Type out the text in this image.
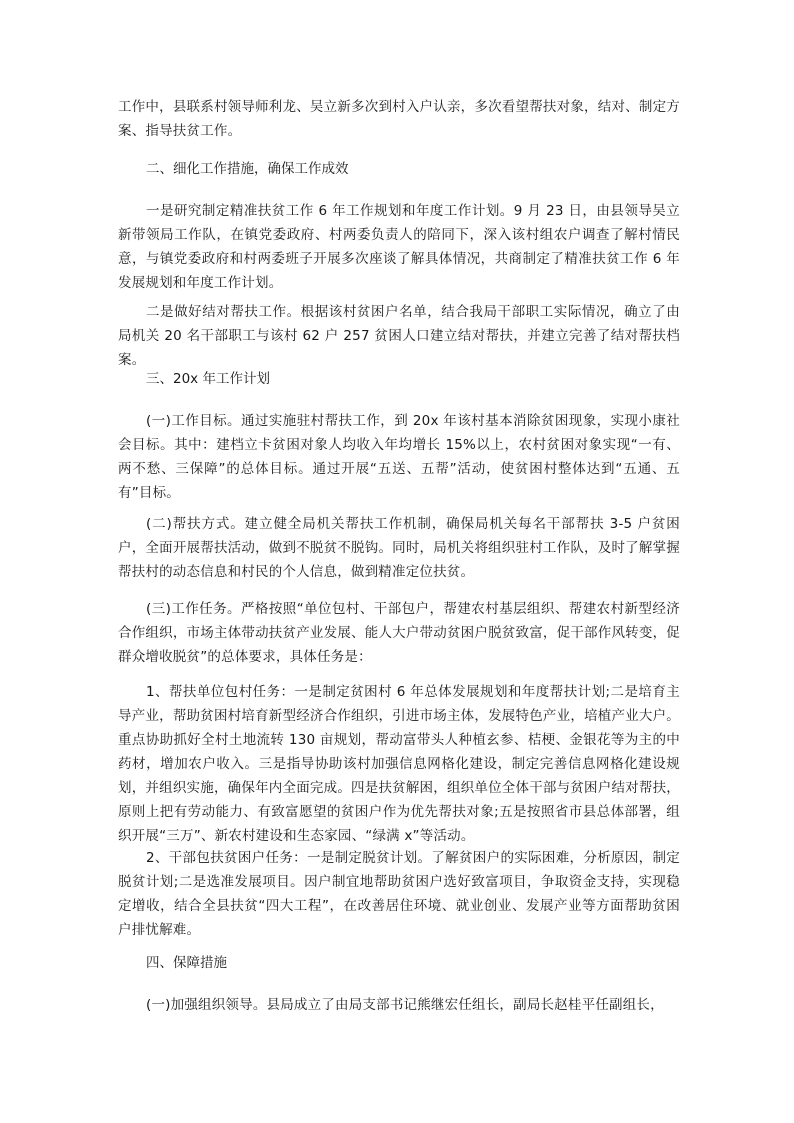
工作中，县联系村领导师利龙、吴立新多次到村入户认亲，多次看望帮扶对象，结对、制定方案、指导扶贫工作。

二、细化工作措施，确保工作成效

一是研究制定精准扶贫工作 6 年工作规划和年度工作计划。9 月 23 日，由县领导吴立新带领局工作队，在镇党委政府、村两委负责人的陪同下，深入该村组农户调查了解村情民意，与镇党委政府和村两委班子开展多次座谈了解具体情况，共商制定了精准扶贫工作 6 年发展规划和年度工作计划。

二是做好结对帮扶工作。根据该村贫困户名单，结合我局干部职工实际情况，确立了由局机关 20 名干部职工与该村 62 户 257 贫困人口建立结对帮扶，并建立完善了结对帮扶档案。

三、20x 年工作计划

(一)工作目标。通过实施驻村帮扶工作，到 20x 年该村基本消除贫困现象，实现小康社会目标。其中：建档立卡贫困对象人均收入年均增长 15%以上，农村贫困对象实现“一有、两不愁、三保障”的总体目标。通过开展“五送、五帮”活动，使贫困村整体达到“五通、五有”目标。

(二)帮扶方式。建立健全局机关帮扶工作机制，确保局机关每名干部帮扶 3-5 户贫困户，全面开展帮扶活动，做到不脱贫不脱钩。同时，局机关将组织驻村工作队，及时了解掌握帮扶村的动态信息和村民的个人信息，做到精准定位扶贫。

(三)工作任务。严格按照“单位包村、干部包户，帮建农村基层组织、帮建农村新型经济合作组织，市场主体带动扶贫产业发展、能人大户带动贫困户脱贫致富，促干部作风转变，促群众增收脱贫”的总体要求，具体任务是：

1、帮扶单位包村任务：一是制定贫困村 6 年总体发展规划和年度帮扶计划;二是培育主导产业，帮助贫困村培育新型经济合作组织，引进市场主体，发展特色产业，培植产业大户。重点协助抓好全村土地流转 130 亩规划，帮动富带头人种植玄参、桔梗、金银花等为主的中药材，增加农户收入。三是指导协助该村加强信息网格化建设，制定完善信息网格化建设规划，并组织实施，确保年内全面完成。四是扶贫解困，组织单位全体干部与贫困户结对帮扶，原则上把有劳动能力、有致富愿望的贫困户作为优先帮扶对象;五是按照省市县总体部署，组织开展“三万”、新农村建设和生态家园、“绿满 x”等活动。

2、干部包扶贫困户任务：一是制定脱贫计划。了解贫困户的实际困难，分析原因，制定脱贫计划;二是选准发展项目。因户制宜地帮助贫困户选好致富项目，争取资金支持，实现稳定增收，结合全县扶贫“四大工程”，在改善居住环境、就业创业、发展产业等方面帮助贫困户排忧解难。

四、保障措施

(一)加强组织领导。县局成立了由局支部书记熊继宏任组长，副局长赵桂平任副组长，
